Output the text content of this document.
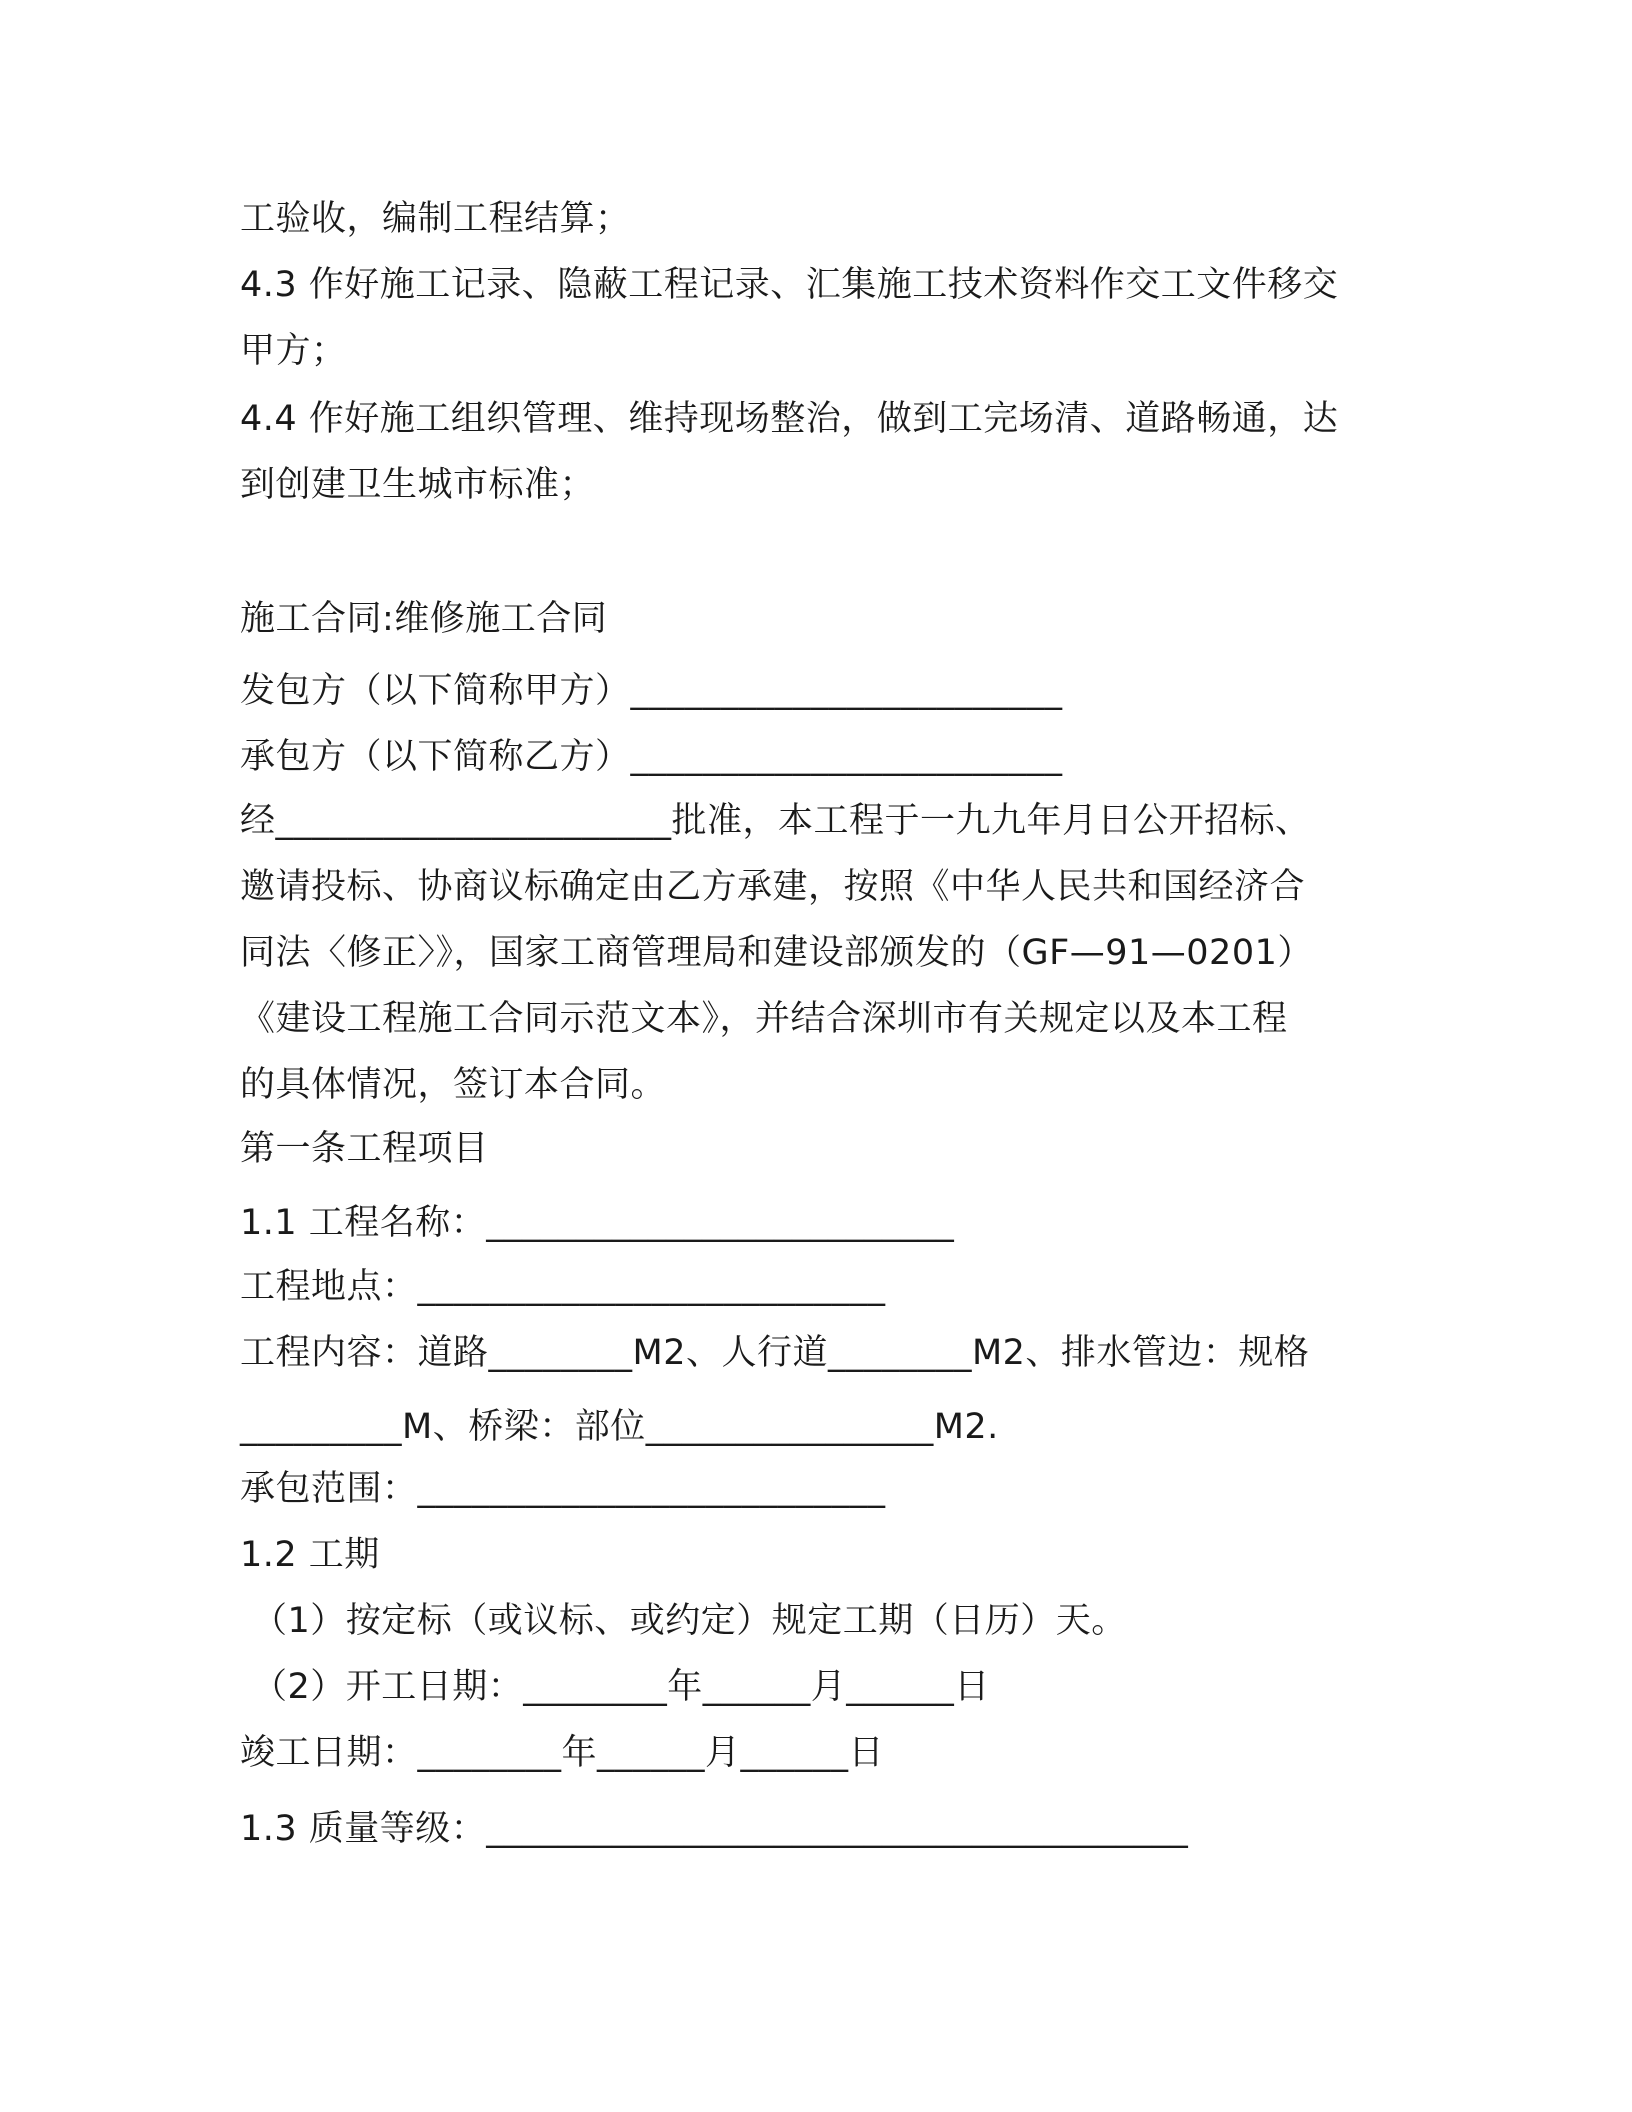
工验收，编制工程结算；
4.3 作好施工记录、隐蔽工程记录、汇集施工技术资料作交工文件移交
甲方；
4.4 作好施工组织管理、维持现场整治，做到工完场清、道路畅通，达
到创建卫生城市标准；
施工合同:维修施工合同
发包方（以下简称甲方）________________________
承包方（以下简称乙方）________________________
经______________________批准，本工程于一九九年月日公开招标、
邀请投标、协商议标确定由乙方承建，按照《中华人民共和国经济合
同法〈修正〉》，国家工商管理局和建设部颁发的（GF—91—0201）
《建设工程施工合同示范文本》，并结合深圳市有关规定以及本工程
的具体情况，签订本合同。
第一条工程项目
1.1 工程名称：__________________________
工程地点：__________________________
工程内容：道路________M2、人行道________M2、排水管边：规格
_________M、桥梁：部位________________M2.
承包范围：__________________________
1.2 工期
（1）按定标（或议标、或约定）规定工期（日历）天。
（2）开工日期：________年______月______日
竣工日期：________年______月______日
1.3 质量等级：_______________________________________
